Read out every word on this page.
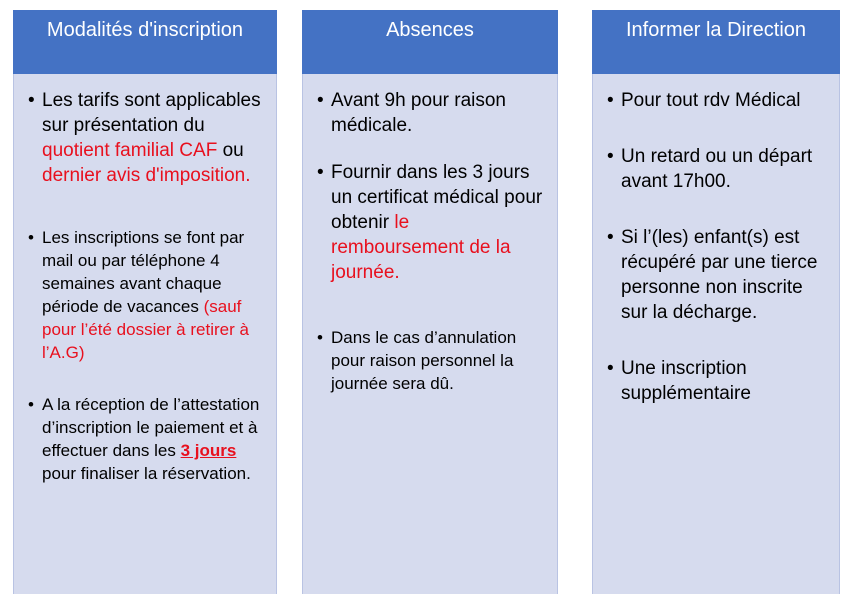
Modalités d'inscription
• Les tarifs sont applicables sur présentation du quotient familial CAF ou dernier avis d'imposition.
• Les inscriptions se font par mail ou par téléphone 4 semaines avant chaque période de vacances (sauf pour l’été dossier à retirer à l’A.G)
• A la réception de l’attestation d’inscription le paiement et à effectuer dans les 3 jours pour finaliser la réservation.
Absences
• Avant 9h pour raison médicale.
• Fournir dans les 3 jours un certificat médical pour obtenir le remboursement de la journée.
• Dans le cas d’annulation pour raison personnel la journée sera dû.
Informer la Direction
• Pour tout rdv Médical
• Un retard ou un départ avant 17h00.
• Si l’(les) enfant(s) est récupéré par une tierce personne non inscrite sur la décharge.
• Une inscription supplémentaire
